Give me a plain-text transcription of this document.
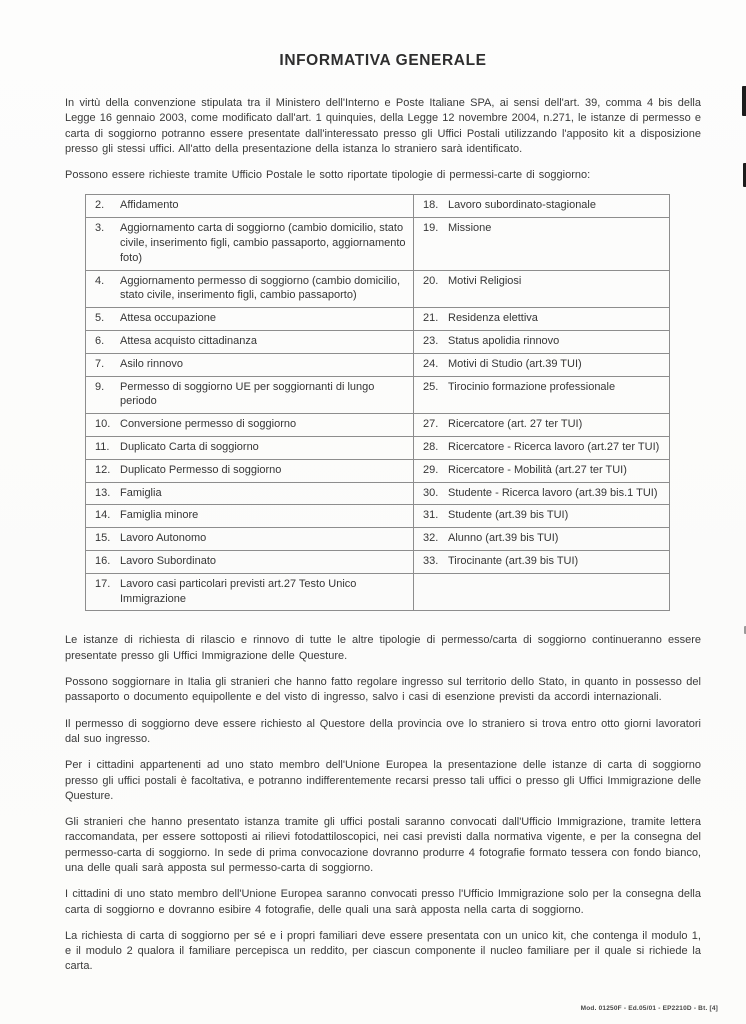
INFORMATIVA GENERALE

In virtù della convenzione stipulata tra il Ministero dell'Interno e Poste Italiane SPA, ai sensi dell'art. 39, comma 4 bis della Legge 16 gennaio 2003, come modificato dall'art. 1 quinquies, della Legge 12 novembre 2004, n.271, le istanze di permesso e carta di soggiorno potranno essere presentate dall'interessato presso gli Uffici Postali utilizzando l'apposito kit a disposizione presso gli stessi uffici. All'atto della presentazione della istanza lo straniero sarà identificato.

Possono essere richieste tramite Ufficio Postale le sotto riportate tipologie di permessi-carte di soggiorno:

2. Affidamento	18. Lavoro subordinato-stagionale

3. Aggiornamento carta di soggiorno (cambio domicilio, stato civile, inserimento figli, cambio passaporto, aggiornamento foto)	19. Missione

4. Aggiornamento permesso di soggiorno (cambio domicilio, stato civile, inserimento figli, cambio passaporto)	20. Motivi Religiosi

5. Attesa occupazione	21. Residenza elettiva

6. Attesa acquisto cittadinanza	23. Status apolidia rinnovo

7. Asilo rinnovo	24. Motivi di Studio (art.39 TUI)

9. Permesso di soggiorno UE per soggiornanti di lungo periodo	25. Tirocinio formazione professionale

10. Conversione permesso di soggiorno	27. Ricercatore (art. 27 ter TUI)

11. Duplicato Carta di soggiorno	28. Ricercatore - Ricerca lavoro (art.27 ter TUI)

12. Duplicato Permesso di soggiorno	29. Ricercatore - Mobilità (art.27 ter TUI)

13. Famiglia	30. Studente - Ricerca lavoro (art.39 bis.1 TUI)

14. Famiglia minore	31. Studente (art.39 bis TUI)

15. Lavoro Autonomo	32. Alunno (art.39 bis TUI)

16. Lavoro Subordinato	33. Tirocinante (art.39 bis TUI)

17. Lavoro casi particolari previsti art.27 Testo Unico Immigrazione	

Le istanze di richiesta di rilascio e rinnovo di tutte le altre tipologie di permesso/carta di soggiorno continueranno essere presentate presso gli Uffici Immigrazione delle Questure.

Possono soggiornare in Italia gli stranieri che hanno fatto regolare ingresso sul territorio dello Stato, in quanto in possesso del passaporto o documento equipollente e del visto di ingresso, salvo i casi di esenzione previsti da accordi internazionali.

Il permesso di soggiorno deve essere richiesto al Questore della provincia ove lo straniero si trova entro otto giorni lavoratori dal suo ingresso.

Per i cittadini appartenenti ad uno stato membro dell'Unione Europea la presentazione delle istanze di carta di soggiorno presso gli uffici postali è facoltativa, e potranno indifferentemente recarsi presso tali uffici o presso gli Uffici Immigrazione delle Questure.

Gli stranieri che hanno presentato istanza tramite gli uffici postali saranno convocati dall'Ufficio Immigrazione, tramite lettera raccomandata, per essere sottoposti ai rilievi fotodattiloscopici, nei casi previsti dalla normativa vigente, e per la consegna del permesso-carta di soggiorno. In sede di prima convocazione dovranno produrre 4 fotografie formato tessera con fondo bianco, una delle quali sarà apposta sul permesso-carta di soggiorno.

I cittadini di uno stato membro dell'Unione Europea saranno convocati presso l'Ufficio Immigrazione solo per la consegna della carta di soggiorno e dovranno esibire 4 fotografie, delle quali una sarà apposta nella carta di soggiorno.

La richiesta di carta di soggiorno per sé e i propri familiari deve essere presentata con un unico kit, che contenga il modulo 1, e il modulo 2 qualora il familiare percepisca un reddito, per ciascun componente il nucleo familiare per il quale si richiede la carta.

Mod. 01250F - Ed.05/01 - EP2210D - Bt. [4]
